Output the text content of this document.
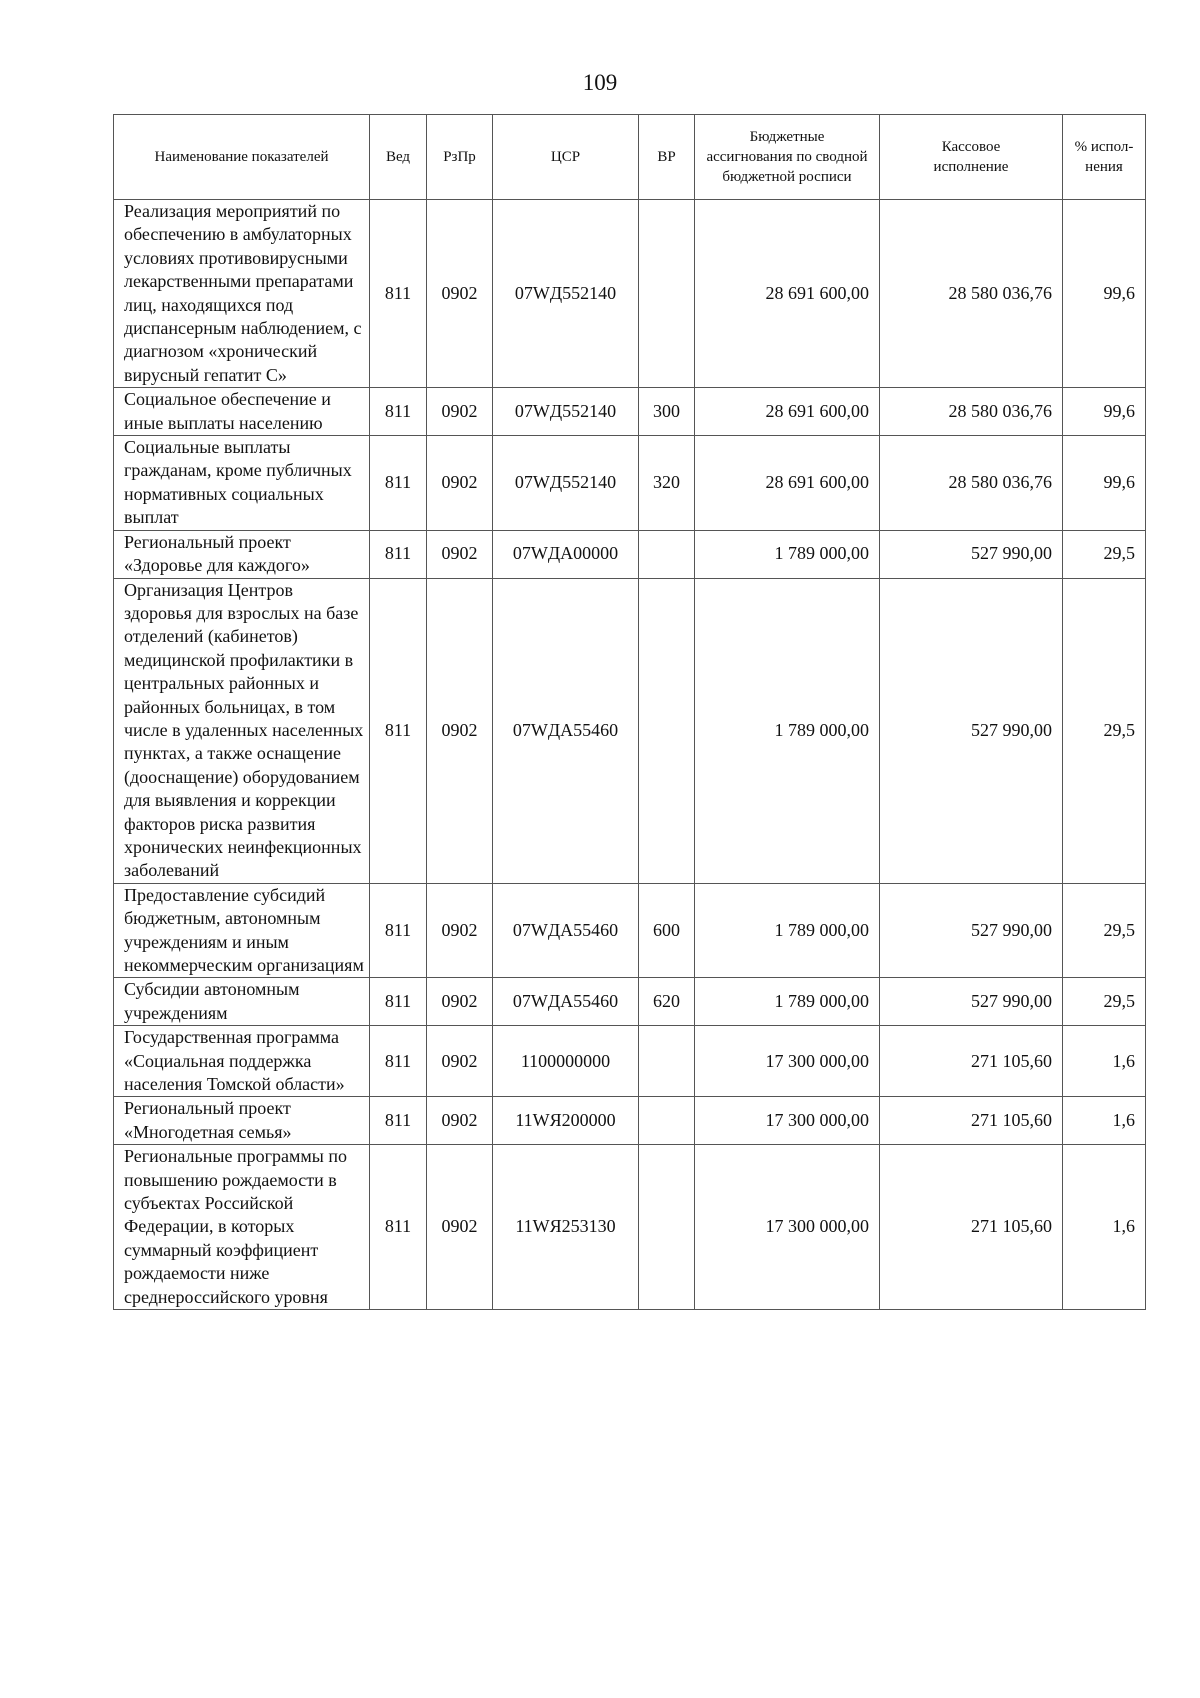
109
Наименование показателей	Вед	РзПр	ЦСР	ВР	Бюджетные ассигнования по сводной бюджетной росписи	Кассовое исполнение	% испол-нения
Реализация мероприятий по обеспечению в амбулаторных условиях противовирусными лекарственными препаратами лиц, находящихся под диспансерным наблюдением, с диагнозом «хронический вирусный гепатит С»	811	0902	07WД552140		28 691 600,00	28 580 036,76	99,6
Социальное обеспечение и иные выплаты населению	811	0902	07WД552140	300	28 691 600,00	28 580 036,76	99,6
Социальные выплаты гражданам, кроме публичных нормативных социальных выплат	811	0902	07WД552140	320	28 691 600,00	28 580 036,76	99,6
Региональный проект «Здоровье для каждого»	811	0902	07WДА00000		1 789 000,00	527 990,00	29,5
Организация Центров здоровья для взрослых на базе отделений (кабинетов) медицинской профилактики в центральных районных и районных больницах, в том числе в удаленных населенных пунктах, а также оснащение (дооснащение) оборудованием для выявления и коррекции факторов риска развития хронических неинфекционных заболеваний	811	0902	07WДА55460		1 789 000,00	527 990,00	29,5
Предоставление субсидий бюджетным, автономным учреждениям и иным некоммерческим организациям	811	0902	07WДА55460	600	1 789 000,00	527 990,00	29,5
Субсидии автономным учреждениям	811	0902	07WДА55460	620	1 789 000,00	527 990,00	29,5
Государственная программа «Социальная поддержка населения Томской области»	811	0902	1100000000		17 300 000,00	271 105,60	1,6
Региональный проект «Многодетная семья»	811	0902	11WЯ200000		17 300 000,00	271 105,60	1,6
Региональные программы по повышению рождаемости в субъектах Российской Федерации, в которых суммарный коэффициент рождаемости ниже среднероссийского уровня	811	0902	11WЯ253130		17 300 000,00	271 105,60	1,6
